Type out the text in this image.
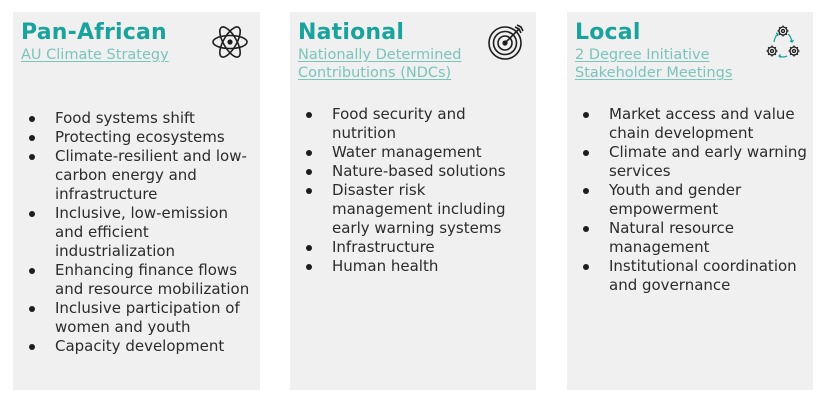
Pan-African
AU Climate Strategy
Food systems shift
Protecting ecosystems
Climate-resilient and low-carbon energy and infrastructure
Inclusive, low-emission and efficient industrialization
Enhancing finance flows and resource mobilization
Inclusive participation of women and youth
Capacity development
National
Nationally Determined
Contributions (NDCs)
Food security and nutrition
Water management
Nature-based solutions
Disaster risk management including early warning systems
Infrastructure
Human health
Local
2 Degree Initiative
Stakeholder Meetings
Market access and value chain development
Climate and early warning services
Youth and gender empowerment
Natural resource management
Institutional coordination and governance
